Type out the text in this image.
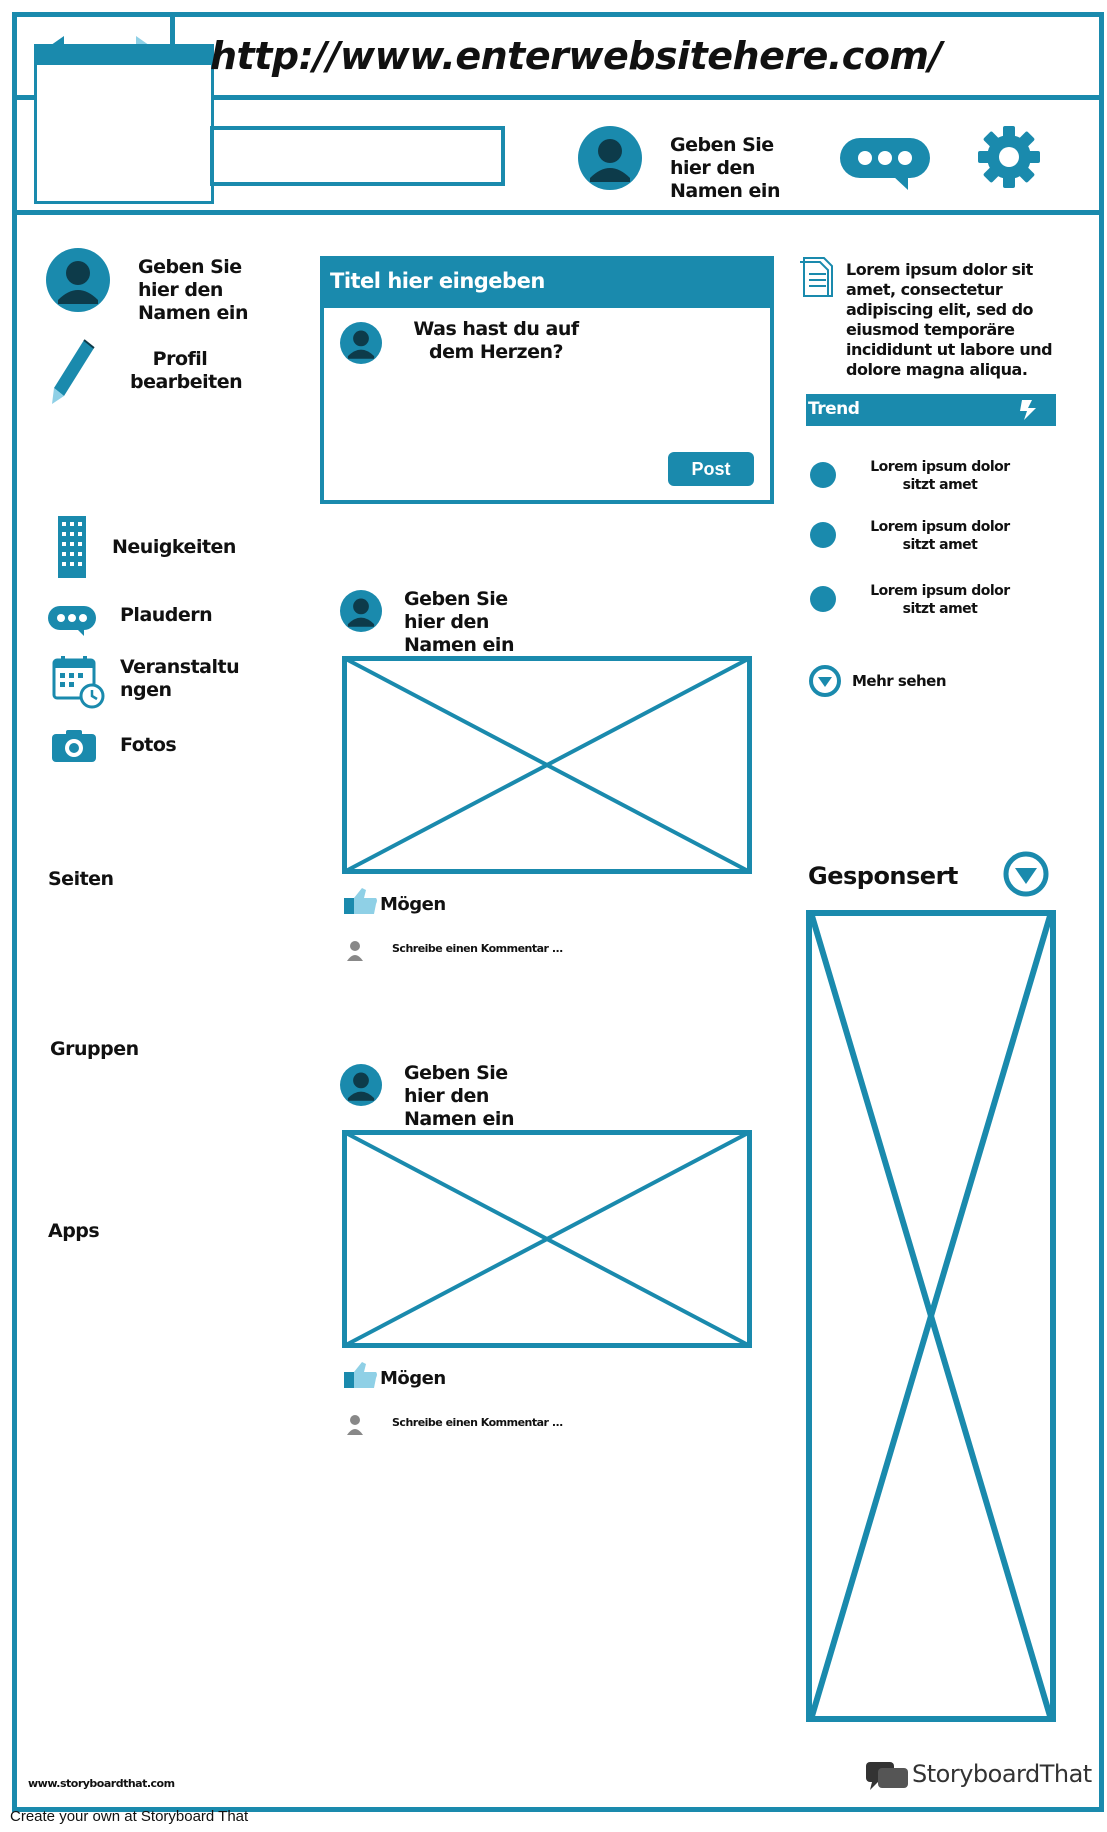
http://www.enterwebsitehere.com/
Geben Sie hier den Namen ein
Geben Sie hier den Namen ein
Profil bearbeiten
Neuigkeiten
Plaudern
Veranstaltu ngen
Fotos
Seiten
Gruppen
Apps
Titel hier eingeben
Was hast du auf dem Herzen?
Post
Geben Sie hier den Namen ein
Mögen
Schreibe einen Kommentar ...
Geben Sie hier den Namen ein
Mögen
Schreibe einen Kommentar ...
Lorem ipsum dolor sit amet, consectetur adipiscing elit, sed do eiusmod temporäre incididunt ut labore und dolore magna aliqua.
Trend
Lorem ipsum dolor sitzt amet
Lorem ipsum dolor sitzt amet
Lorem ipsum dolor sitzt amet
Mehr sehen
Gesponsert
www.storyboardthat.com	StoryboardThat
Create your own at Storyboard That
